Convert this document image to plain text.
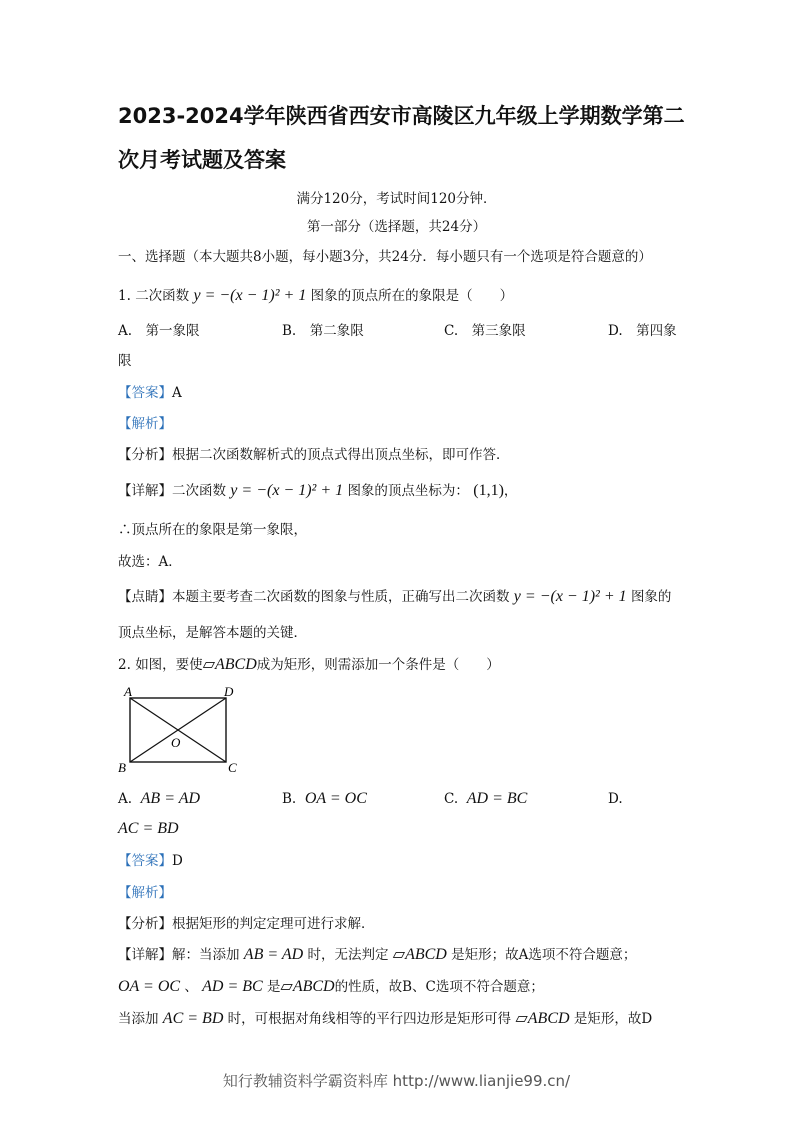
2023-2024学年陕西省西安市高陵区九年级上学期数学第二
次月考试题及答案
满分120分，考试时间120分钟．
第一部分（选择题，共24分）
一、选择题（本大题共8小题，每小题3分，共24分．每小题只有一个选项是符合题意的）
1. 二次函数 y = −(x − 1)² + 1 图象的顶点所在的象限是（　　）
A.　第一象限	B.　第二象限	C.　第三象限	D.　第四象
限
【答案】A
【解析】
【分析】根据二次函数解析式的顶点式得出顶点坐标，即可作答．
【详解】二次函数 y = −(x − 1)² + 1 图象的顶点坐标为： (1,1)，
∴顶点所在的象限是第一象限，
故选：A．
【点睛】本题主要考查二次函数的图象与性质，正确写出二次函数 y = −(x − 1)² + 1 图象的
顶点坐标，是解答本题的关键．
2. 如图，要使▱ABCD成为矩形，则需添加一个条件是（　　）
A	D
B	C
O
A. AB = AD	B. OA = OC	C. AD = BC	D.
AC = BD
【答案】D
【解析】
【分析】根据矩形的判定定理可进行求解．
【详解】解：当添加 AB = AD 时，无法判定 ▱ABCD 是矩形；故A选项不符合题意；
OA = OC 、 AD = BC 是▱ABCD的性质，故B、C选项不符合题意；
当添加 AC = BD 时，可根据对角线相等的平行四边形是矩形可得 ▱ABCD 是矩形，故D
知行教辅资料学霸资料库 http://www.lianjie99.cn/
